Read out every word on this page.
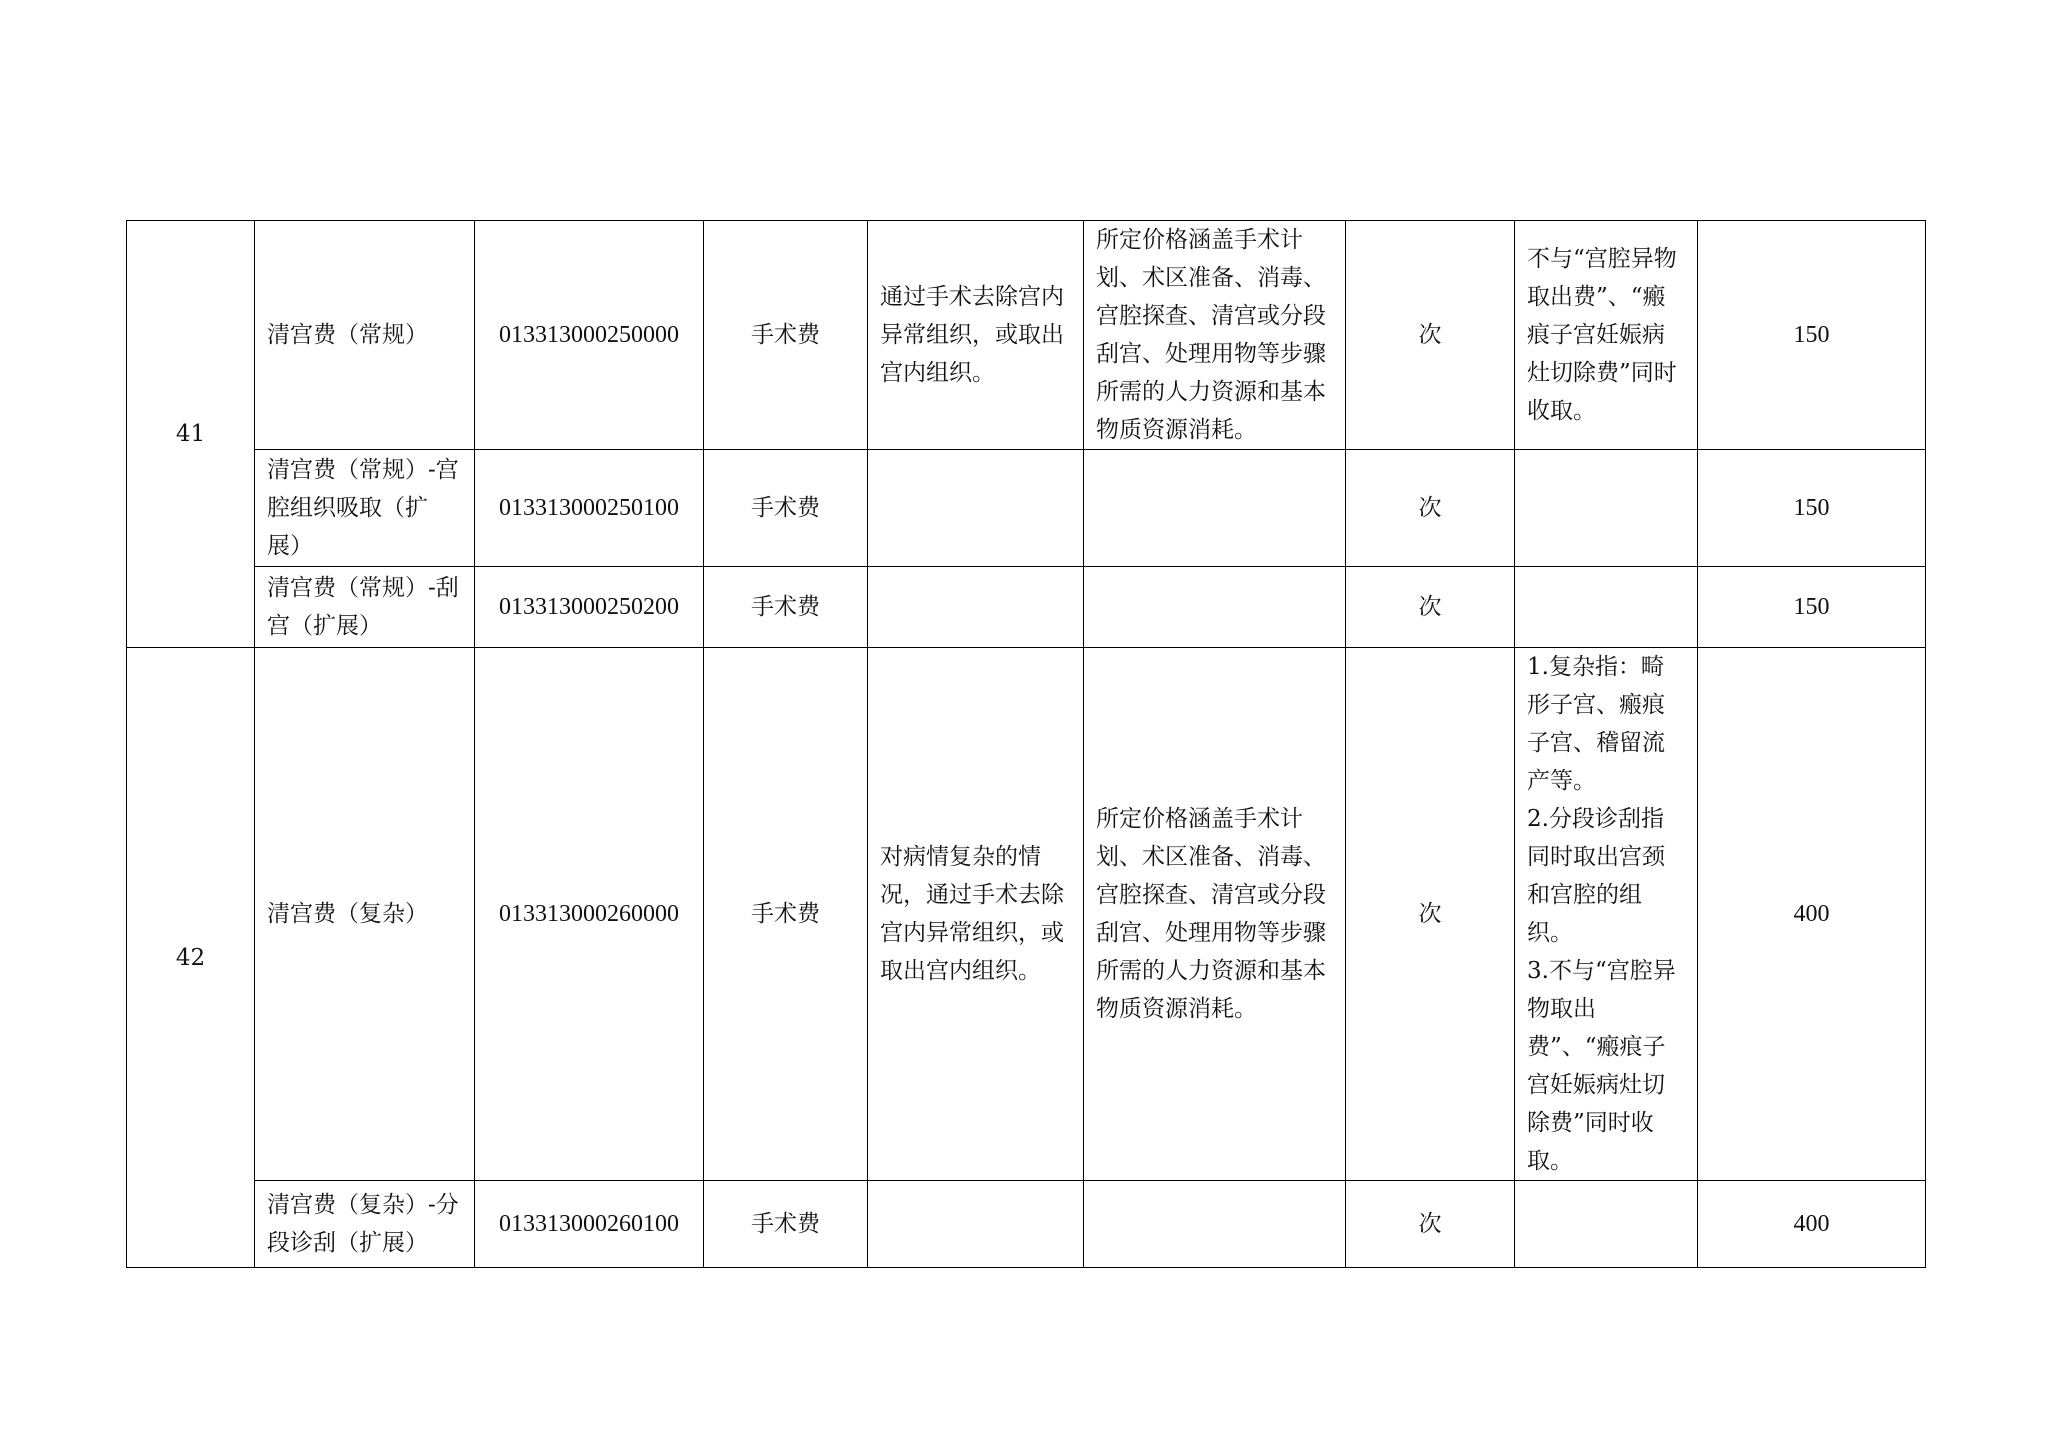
41	清宫费（常规）	013313000250000	手术费	通过手术去除宫内异常组织，或取出宫内组织。	所定价格涵盖手术计划、术区准备、消毒、宫腔探查、清宫或分段刮宫、处理用物等步骤所需的人力资源和基本物质资源消耗。	次	不与“宫腔异物取出费”、“瘢痕子宫妊娠病灶切除费”同时收取。	150
	清宫费（常规）-宫腔组织吸取（扩展）	013313000250100	手术费			次		150
	清宫费（常规）-刮宫（扩展）	013313000250200	手术费			次		150
42	清宫费（复杂）	013313000260000	手术费	对病情复杂的情况，通过手术去除宫内异常组织，或取出宫内组织。	所定价格涵盖手术计划、术区准备、消毒、宫腔探查、清宫或分段刮宫、处理用物等步骤所需的人力资源和基本物质资源消耗。	次	1.复杂指：畸形子宫、瘢痕子宫、稽留流产等。
2.分段诊刮指同时取出宫颈和宫腔的组织。
3.不与“宫腔异物取出费”、“瘢痕子宫妊娠病灶切除费”同时收取。	400
	清宫费（复杂）-分段诊刮（扩展）	013313000260100	手术费			次		400
